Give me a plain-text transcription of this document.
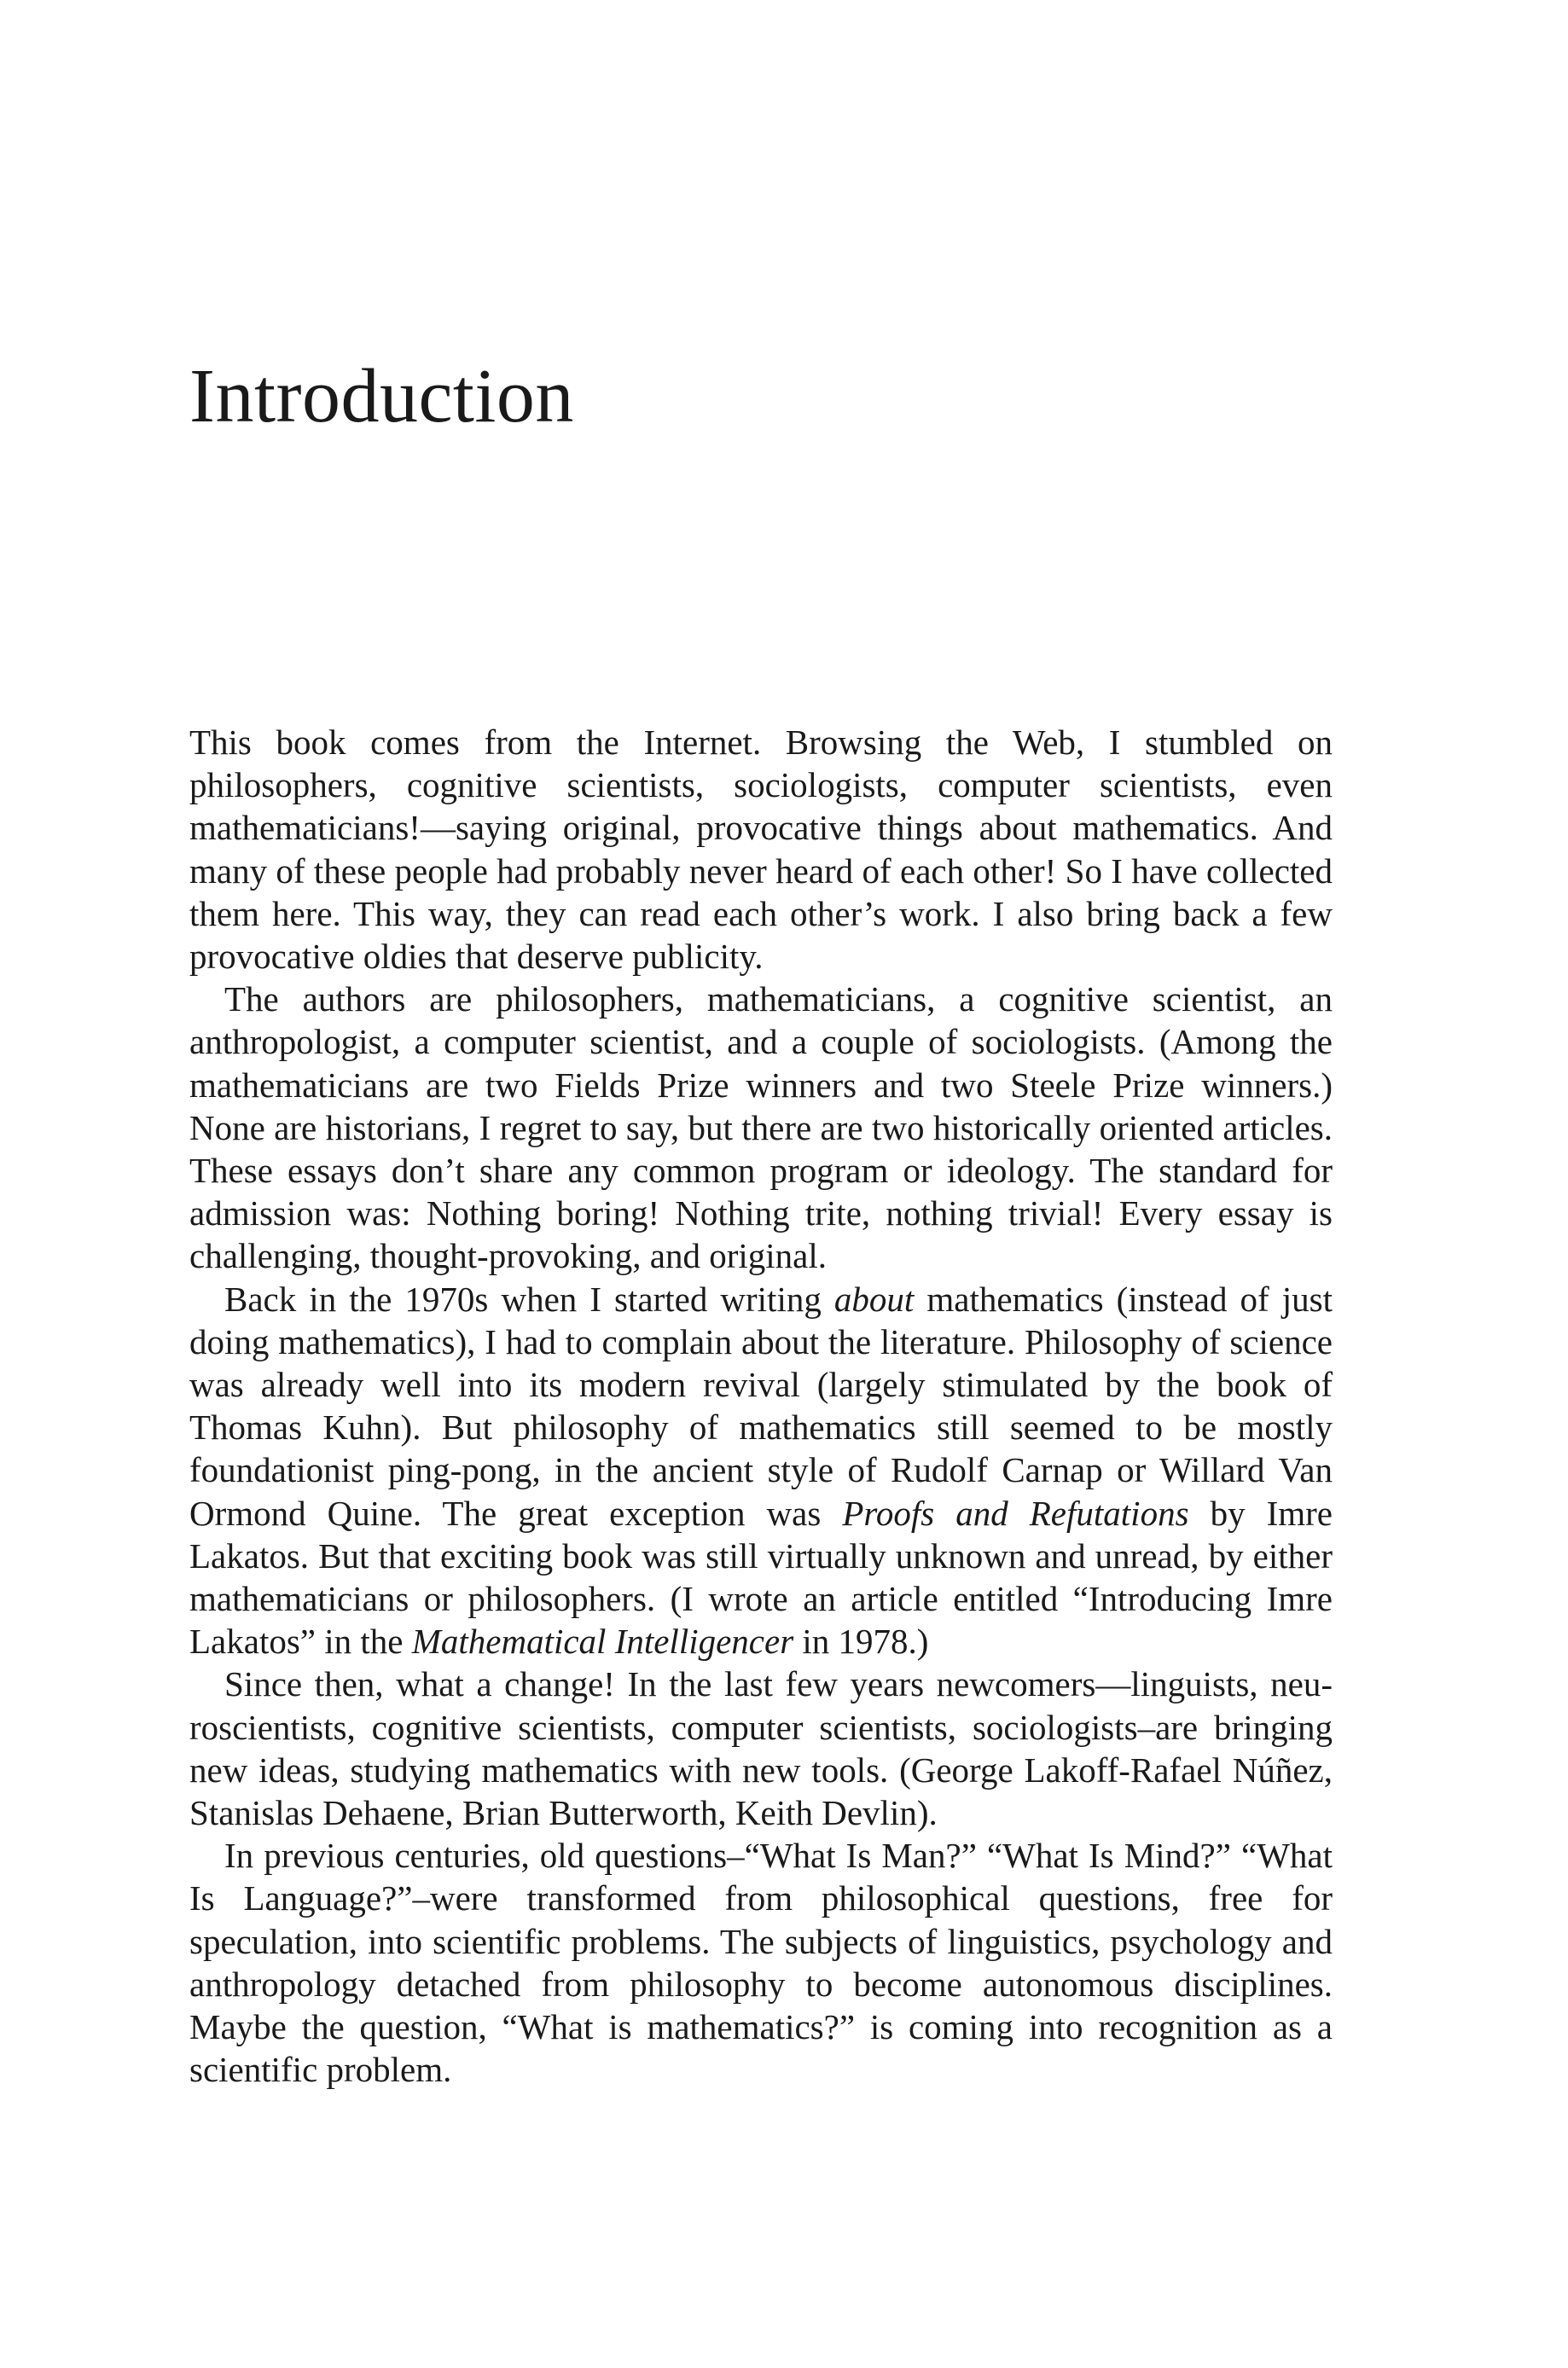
Introduction

This book comes from the Internet. Browsing the Web, I stumbled on philosophers, cognitive scientists, sociologists, computer scientists, even mathematicians!—saying original, provocative things about mathematics. And many of these people had probably never heard of each other! So I have collected them here. This way, they can read each other’s work. I also bring back a few provocative oldies that deserve publicity.

The authors are philosophers, mathematicians, a cognitive scientist, an anthropologist, a computer scientist, and a couple of sociologists. (Among the mathematicians are two Fields Prize winners and two Steele Prize winners.) None are historians, I regret to say, but there are two historically oriented articles. These essays don’t share any common program or ideology. The standard for admission was: Nothing boring! Nothing trite, nothing trivial! Every essay is challenging, thought-provoking, and original.

Back in the 1970s when I started writing about mathematics (instead of just doing mathematics), I had to complain about the literature. Philosophy of science was already well into its modern revival (largely stimulated by the book of Thomas Kuhn). But philosophy of mathematics still seemed to be mostly foundationist ping-pong, in the ancient style of Rudolf Carnap or Willard Van Ormond Quine. The great exception was Proofs and Refutations by Imre Lakatos. But that exciting book was still virtually unknown and unread, by either mathematicians or philosophers. (I wrote an article entitled “Introducing Imre Lakatos” in the Mathematical Intelligencer in 1978.)

Since then, what a change! In the last few years newcomers—linguists, neuroscientists, cognitive scientists, computer scientists, sociologists–are bringing new ideas, studying mathematics with new tools. (George Lakoff-Rafael Núñez, Stanislas Dehaene, Brian Butterworth, Keith Devlin).

In previous centuries, old questions–“What Is Man?” “What Is Mind?” “What Is Language?”–were transformed from philosophical questions, free for speculation, into scientific problems. The subjects of linguistics, psychology and anthropology detached from philosophy to become autonomous disciplines. Maybe the question, “What is mathematics?” is coming into recognition as a scientific problem.
